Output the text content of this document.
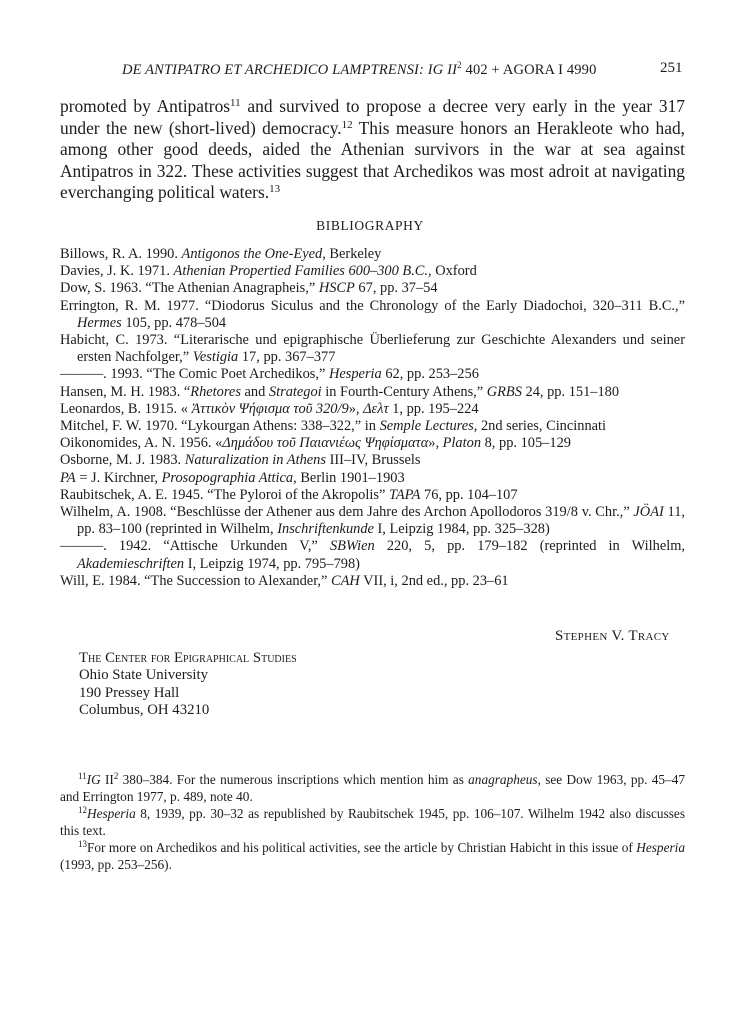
DE ANTIPATRO ET ARCHEDICO LAMPTRENSI: IG $II^2$ 402 + AGORA I 4990	251
promoted by Antipatros$^{11}$ and survived to propose a decree very early in the year 317 under the new (short-lived) democracy.$^{12}$ This measure honors an Herakleote who had, among other good deeds, aided the Athenian survivors in the war at sea against Antipatros in 322. These activities suggest that Archedikos was most adroit at navigating everchanging political waters.$^{13}$
BIBLIOGRAPHY

Billows, R. A. 1990. Antigonos the One-Eyed, Berkeley

Davies, J. K. 1971. Athenian Propertied Families 600–300 B.C., Oxford

Dow, S. 1963. “The Athenian Anagrapheis,” HSCP 67, pp. 37–54

Errington, R. M. 1977. “Diodorus Siculus and the Chronology of the Early Diadochoi, 320–311 B.C.,” Hermes 105, pp. 478–504

Habicht, C. 1973. “Literarische und epigraphische Überlieferung zur Geschichte Alexanders und seiner ersten Nachfolger,” Vestigia 17, pp. 367–377

———. 1993. “The Comic Poet Archedikos,” Hesperia 62, pp. 253–256

Hansen, M. H. 1983. “Rhetores and Strategoi in Fourth-Century Athens,” GRBS 24, pp. 151–180

Leonardos, B. 1915. « Ἀττικὸν Ψήφισμα τοῦ 320/9», Δελτ 1, pp. 195–224

Mitchel, F. W. 1970. “Lykourgan Athens: 338–322,” in Semple Lectures, 2nd series, Cincinnati

Oikonomides, A. N. 1956. «Δημάδου τοῦ Παιανιέως Ψηφίσματα», Platon 8, pp. 105–129

Osborne, M. J. 1983. Naturalization in Athens III–IV, Brussels

PA = J. Kirchner, Prosopographia Attica, Berlin 1901–1903

Raubitschek, A. E. 1945. “The Pyloroi of the Akropolis” TAPA 76, pp. 104–107

Wilhelm, A. 1908. “Beschlüsse der Athener aus dem Jahre des Archon Apollodoros 319/8 v. Chr.,” JÖAI 11, pp. 83–100 (reprinted in Wilhelm, Inschriftenkunde I, Leipzig 1984, pp. 325–328)

———. 1942. “Attische Urkunden V,” SBWien 220, 5, pp. 179–182 (reprinted in Wilhelm, Akademieschriften I, Leipzig 1974, pp. 795–798)

Will, E. 1984. “The Succession to Alexander,” CAH VII, i, 2nd ed., pp. 23–61

Stephen V. Tracy
The Center for Epigraphical Studies
Ohio State University
190 Pressey Hall
Columbus, OH 43210

$^{11}$IG $II^2$ 380–384. For the numerous inscriptions which mention him as anagrapheus, see Dow 1963, pp. 45–47 and Errington 1977, p. 489, note 40.

$^{12}$Hesperia 8, 1939, pp. 30–32 as republished by Raubitschek 1945, pp. 106–107. Wilhelm 1942 also discusses this text.

$^{13}$For more on Archedikos and his political activities, see the article by Christian Habicht in this issue of Hesperia (1993, pp. 253–256).
